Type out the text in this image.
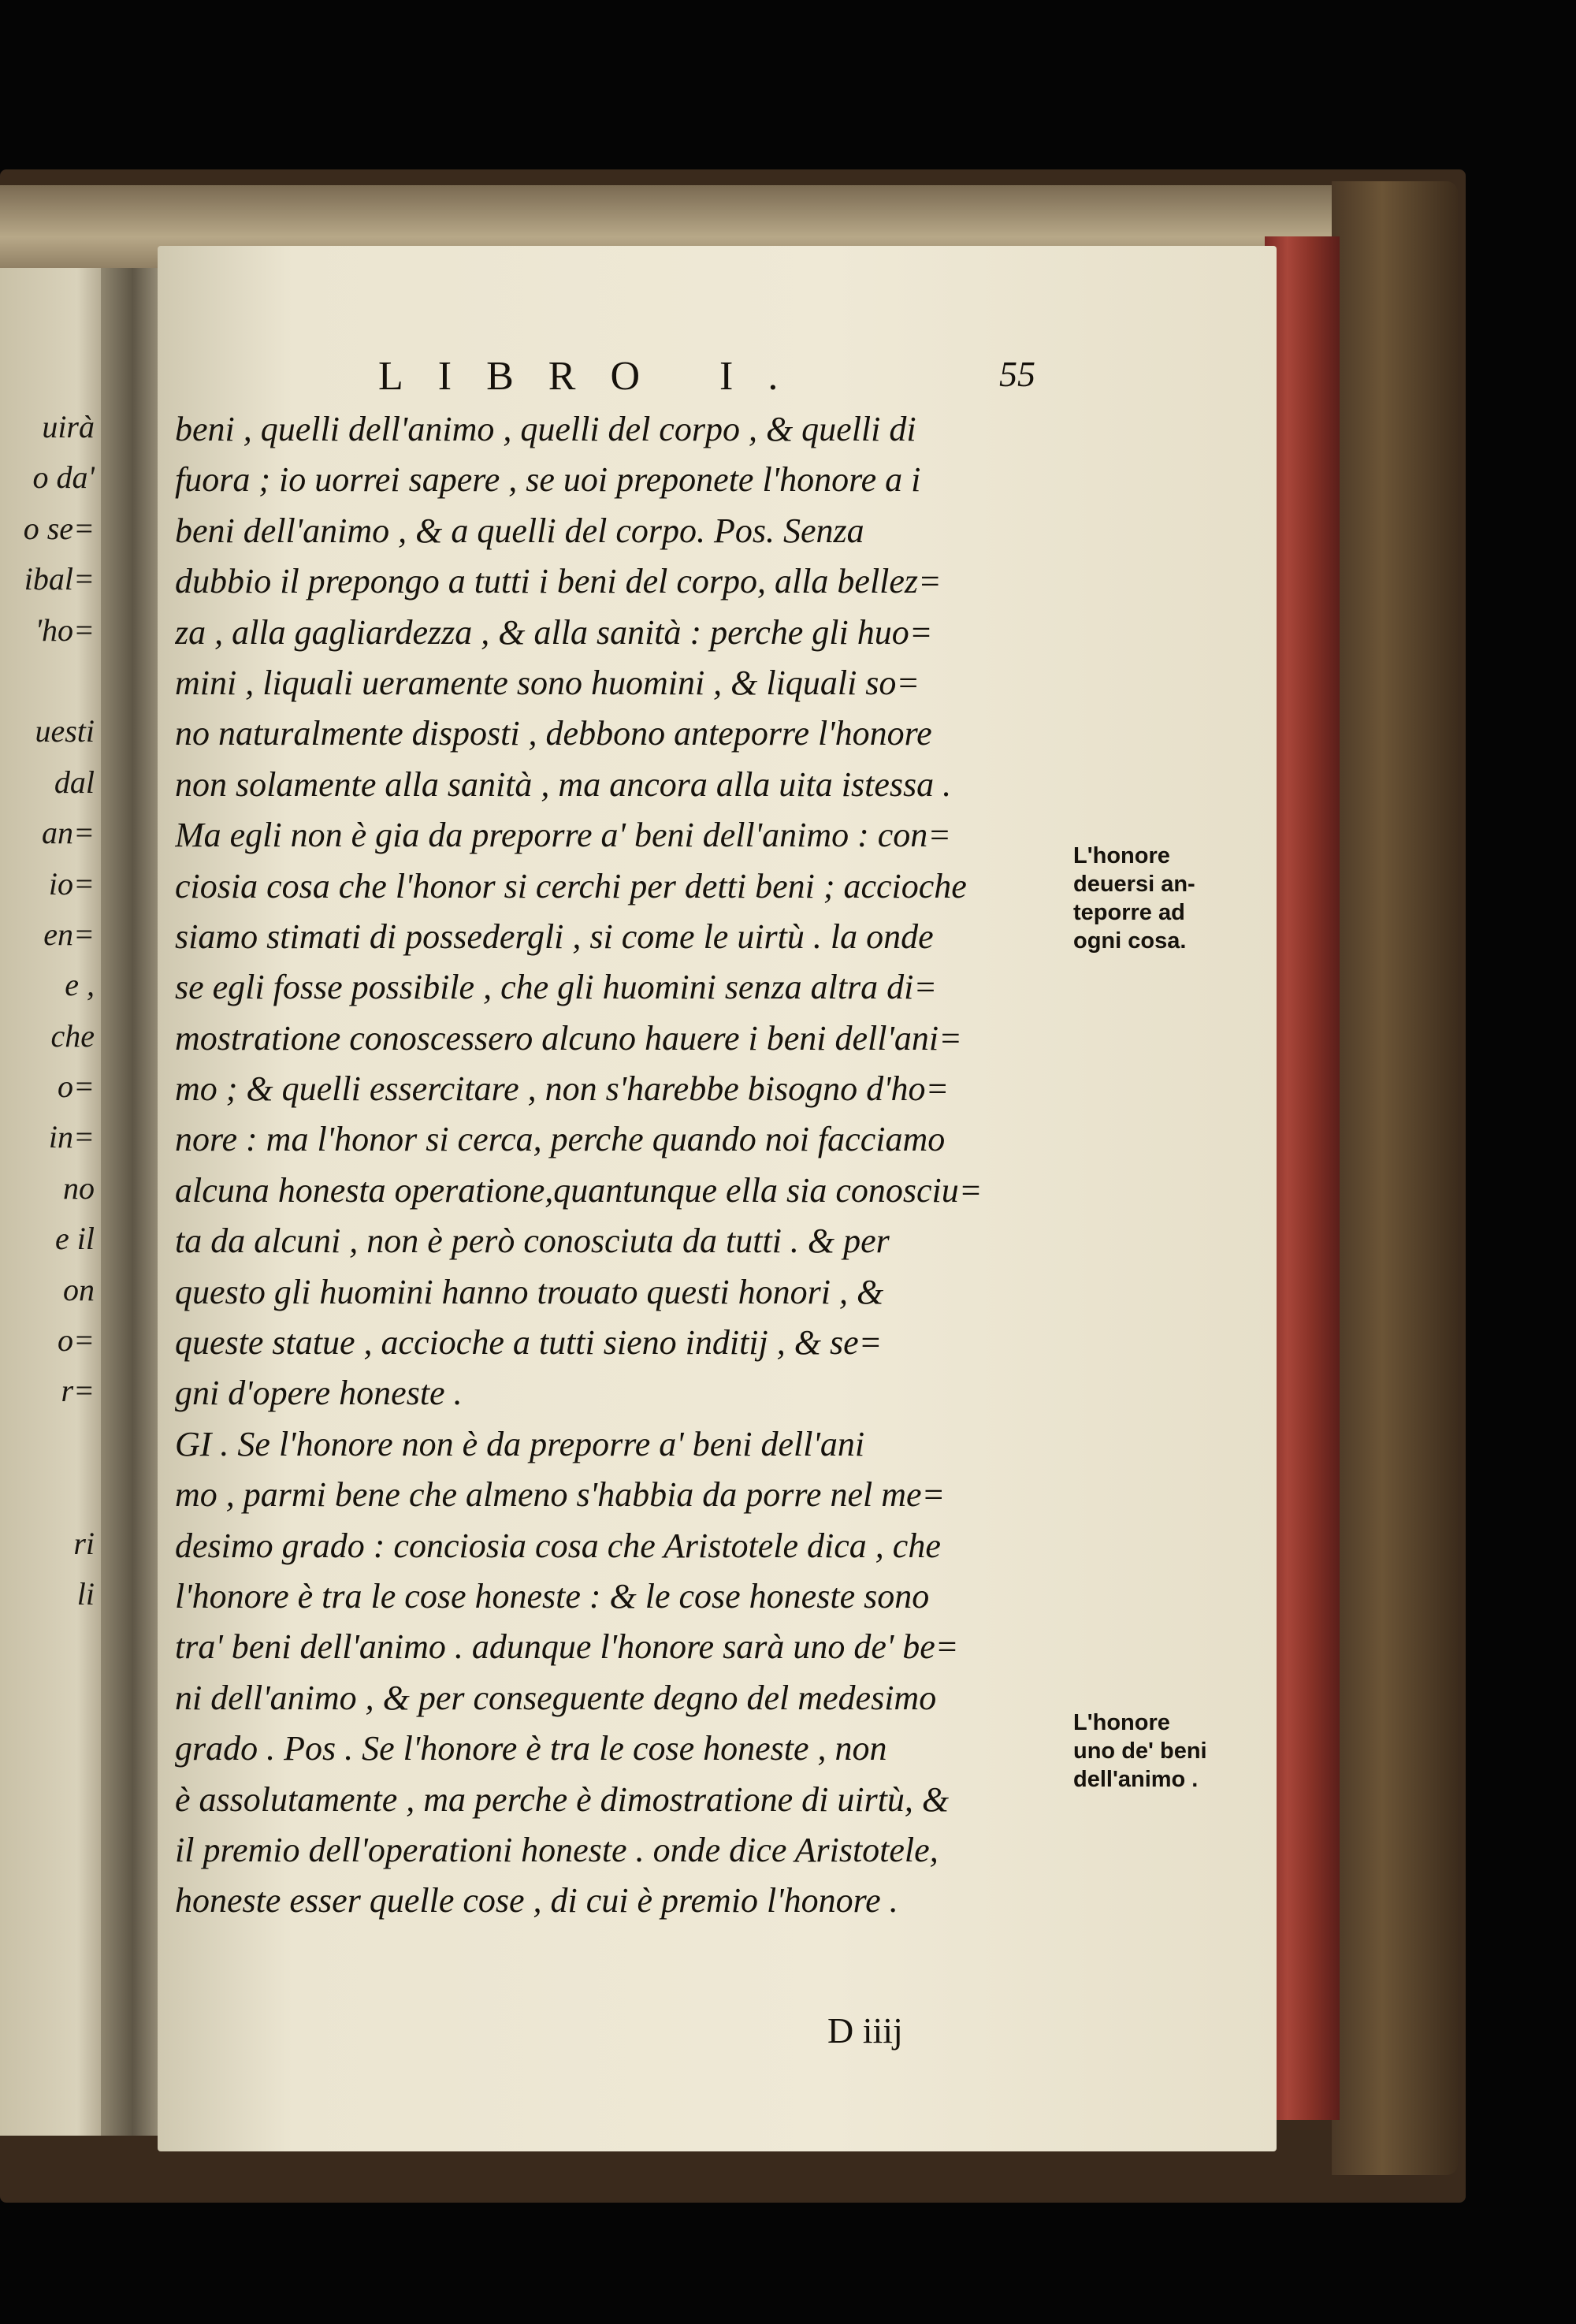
uirà
o da'
o se=
ibal=
'ho=
uesti
dal
an=
io=
en=
e ,
che
o=
in=
no
e il
on
o=
r=
ri
li
LIBRO I.	55
beni , quelli dell'animo , quelli del corpo , & quelli di
fuora ; io uorrei sapere , se uoi preponete l'honore a i
beni dell'animo , & a quelli del corpo. Pos. Senza
dubbio il prepongo a tutti i beni del corpo, alla bellez=
za , alla gagliardezza , & alla sanità : perche gli huo=
mini , liquali ueramente sono huomini , & liquali so=
no naturalmente disposti , debbono anteporre l'honore
non solamente alla sanità , ma ancora alla uita istessa .
Ma egli non è gia da preporre a' beni dell'animo : con=
ciosia cosa che l'honor si cerchi per detti beni ; accioche
siamo stimati di possedergli , si come le uirtù . la onde
se egli fosse possibile , che gli huomini senza altra di=
mostratione conoscessero alcuno hauere i beni dell'ani=
mo ; & quelli essercitare , non s'harebbe bisogno d'ho=
nore : ma l'honor si cerca, perche quando noi facciamo
alcuna honesta operatione,quantunque ella sia conosciu=
ta da alcuni , non è però conosciuta da tutti . & per
questo gli huomini hanno trouato questi honori , &
queste statue , accioche a tutti sieno inditij , & se=
gni d'opere honeste .
GI . Se l'honore non è da preporre a' beni dell'ani
mo , parmi bene che almeno s'habbia da porre nel me=
desimo grado : conciosia cosa che Aristotele dica , che
l'honore è tra le cose honeste : & le cose honeste sono
tra' beni dell'animo . adunque l'honore sarà uno de' be=
ni dell'animo , & per conseguente degno del medesimo
grado . Pos . Se l'honore è tra le cose honeste , non
è assolutamente , ma perche è dimostratione di uirtù, &
il premio dell'operationi honeste . onde dice Aristotele,
honeste esser quelle cose , di cui è premio l'honore .
L'honore
deuersi an-
teporre ad
ogni cosa.
L'honore
uno de' beni
dell'animo .
D iiij
